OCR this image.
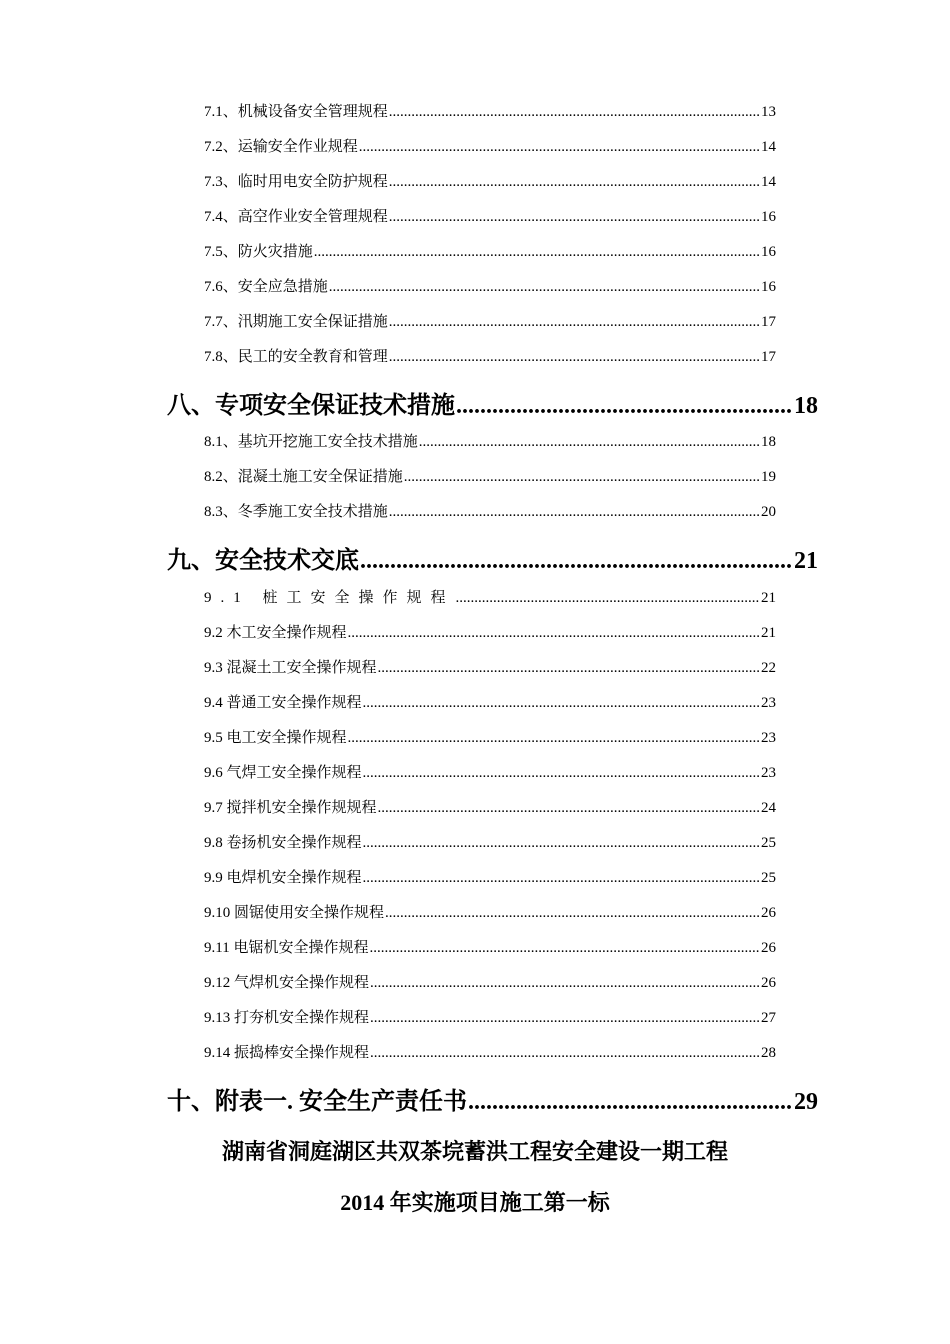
7.1、机械设备安全管理规程 .....	13
7.2、运输安全作业规程 .....	14
7.3、临时用电安全防护规程 .....	14
7.4、高空作业安全管理规程 .....	16
7.5、防火灾措施 .....	16
7.6、安全应急措施 .....	16
7.7、汛期施工安全保证措施 .....	17
7.8、民工的安全教育和管理 .....	17
八、专项安全保证技术措施 .....	18
8.1、基坑开挖施工安全技术措施 .....	18
8.2、混凝土施工安全保证措施 .....	19
8.3、冬季施工安全技术措施 .....	20
九、安全技术交底 .....	21
9.1 桩工安全操作规程 .....	21
9.2 木工安全操作规程 .....	21
9.3 混凝土工安全操作规程 .....	22
9.4 普通工安全操作规程 .....	23
9.5 电工安全操作规程 .....	23
9.6 气焊工安全操作规程 .....	23
9.7 搅拌机安全操作规规程 .....	24
9.8 卷扬机安全操作规程 .....	25
9.9 电焊机安全操作规程 .....	25
9.10 圆锯使用安全操作规程 .....	26
9.11 电锯机安全操作规程 .....	26
9.12 气焊机安全操作规程 .....	26
9.13 打夯机安全操作规程 .....	27
9.14 振捣棒安全操作规程 .....	28
十、附表一. 安全生产责任书 .....	29
湖南省洞庭湖区共双茶垸蓄洪工程安全建设一期工程
2014 年实施项目施工第一标
